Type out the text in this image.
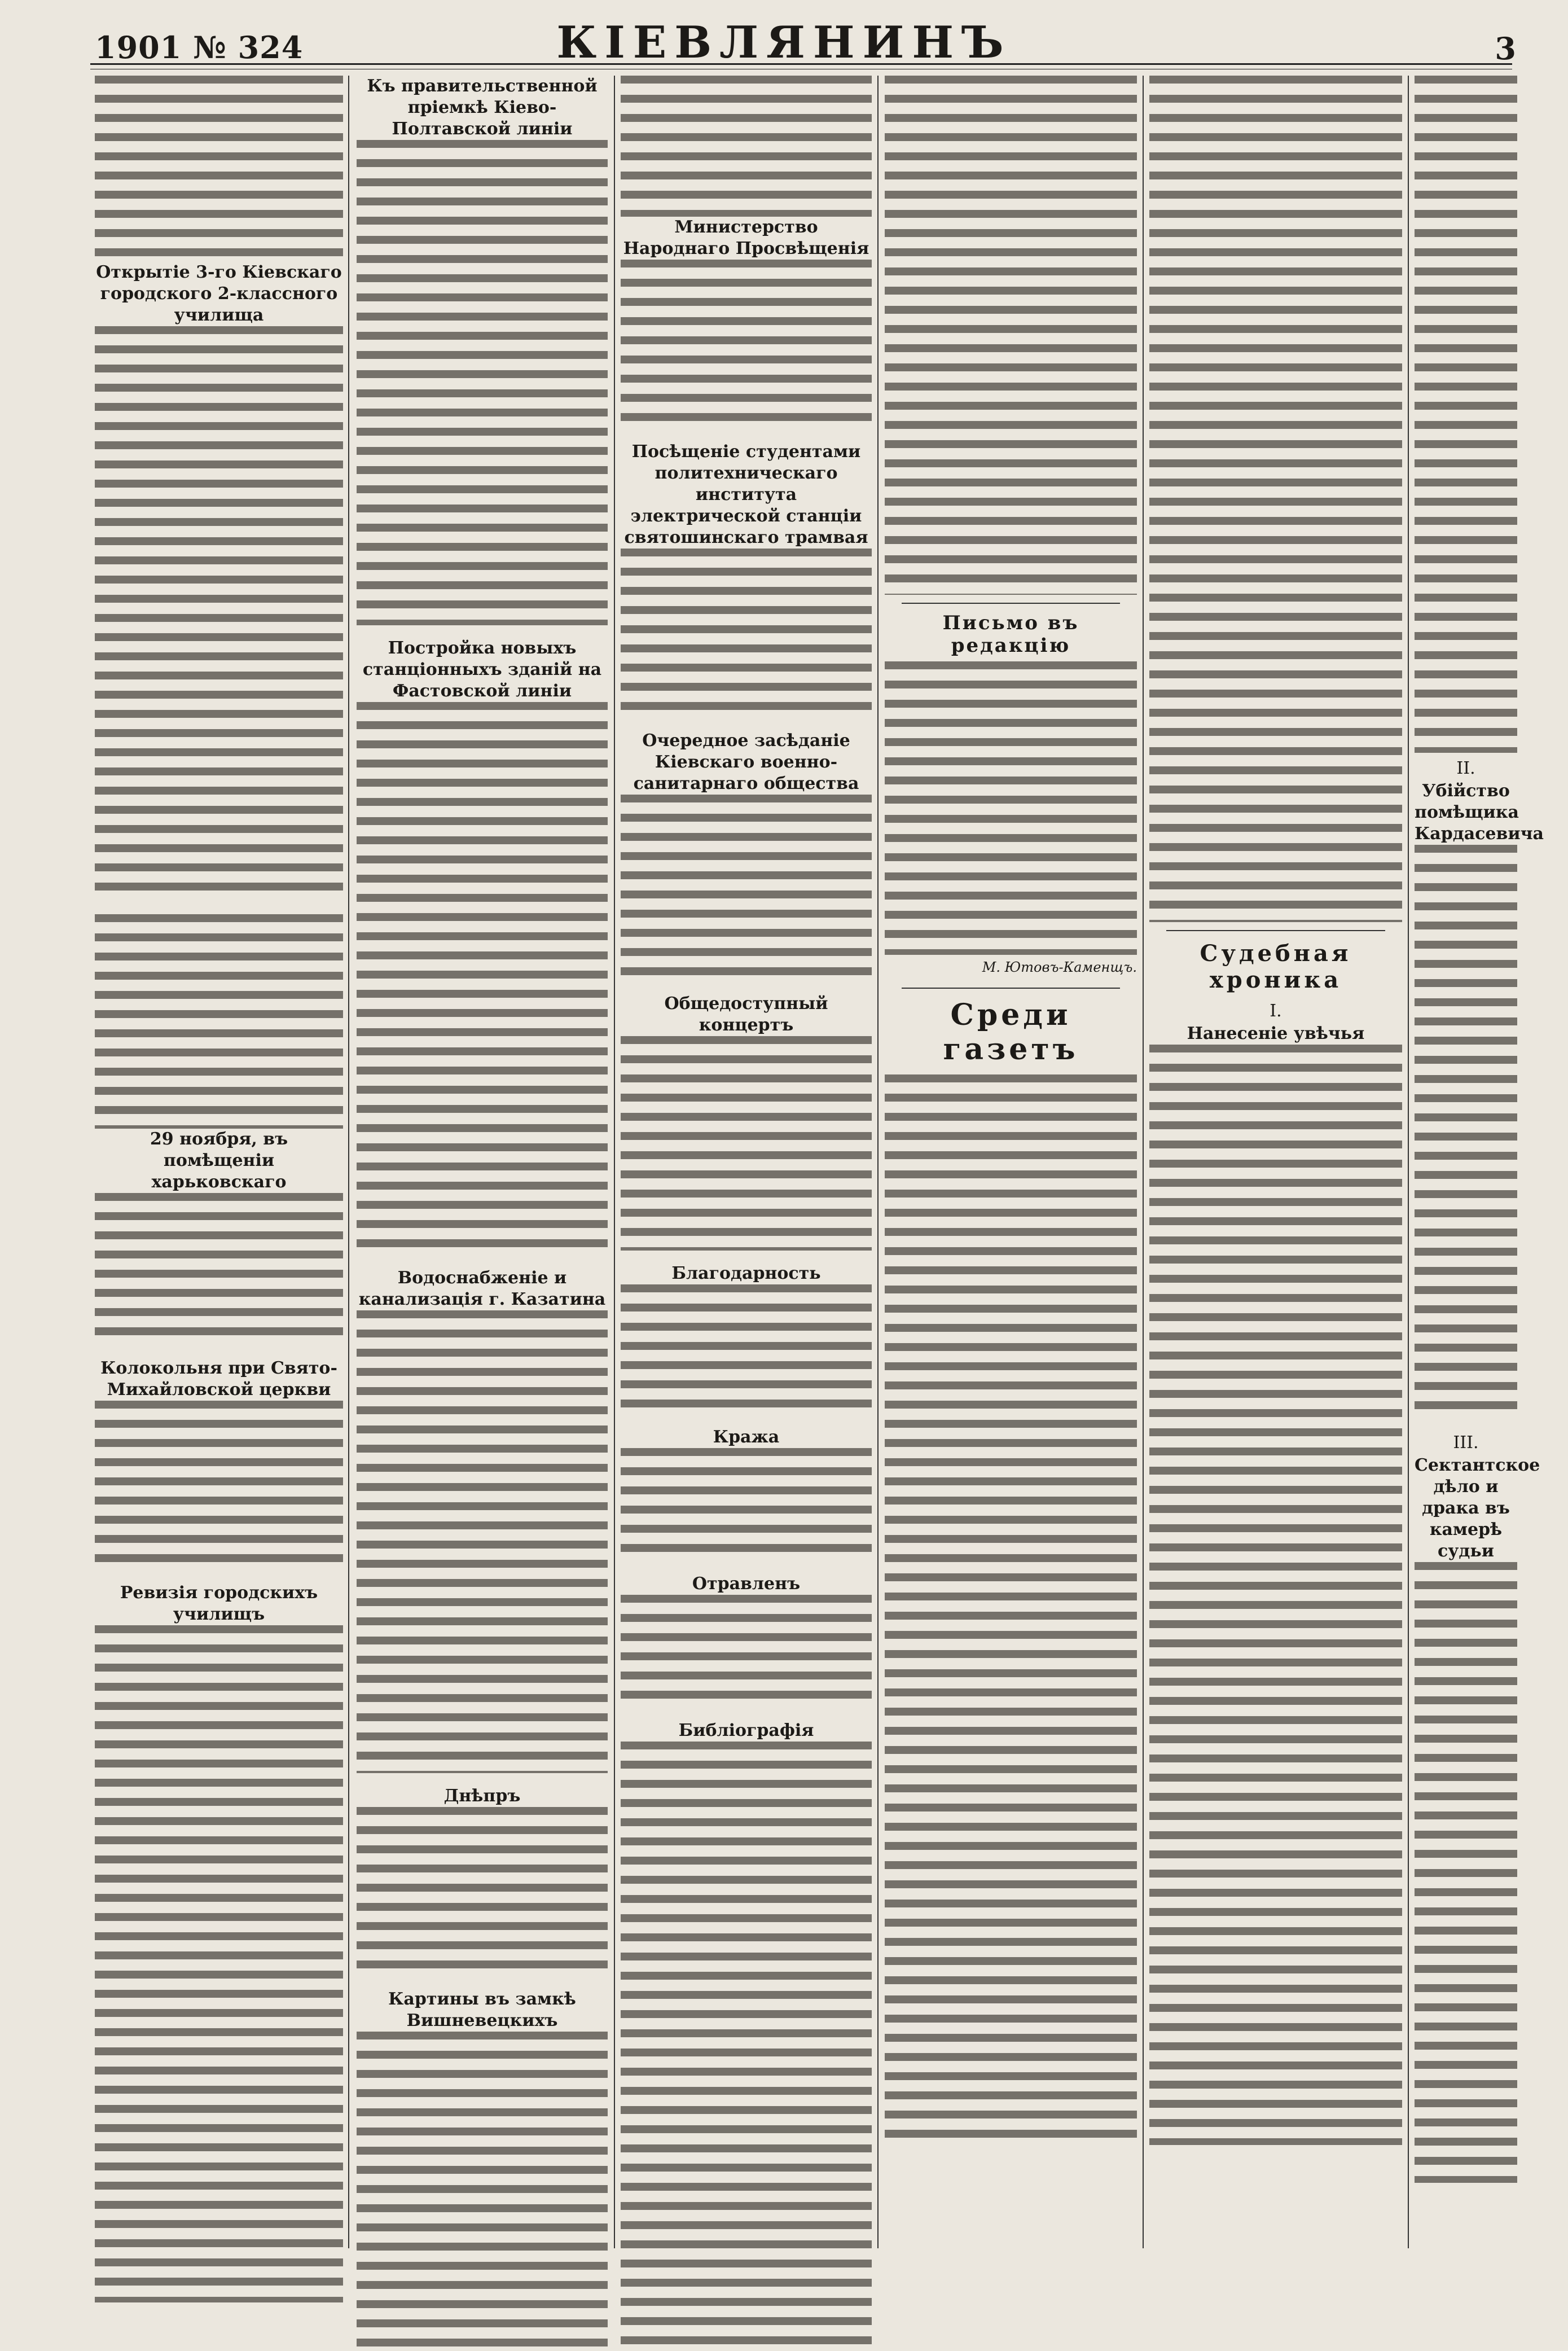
1901 № 324	КІЕВЛЯНИНЪ	3
Открытіе 3-го Кіевскаго городского 2-классного училища
29 ноября, въ помѣщеніи харьковскаго
Колокольня при Свято-Михайловской церкви
Ревизія городскихъ училищъ
Къ правительственной пріемкѣ Кіево-Полтавской линіи
Постройка новыхъ станціонныхъ зданій на Фастовской линіи
Водоснабженіе и канализація г. Казатина
Днѣпръ
Картины въ замкѣ Вишневецкихъ
Министерство Народнаго Просвѣщенія
Посѣщеніе студентами политехническаго института электрической станціи святошинскаго трамвая
Очередное засѣданіе Кіевскаго военно-санитарнаго общества
Общедоступный концертъ
Благодарность
Кража
Отравленъ
Библіографія
Письмо въ редакцію
М. Ютовъ-Каменщъ.
Среди газетъ
Судебная хроника
I.
Нанесеніе увѣчья
II.
Убійство помѣщика Кардасевича
III.
Сектантское дѣло и драка въ камерѣ судьи
